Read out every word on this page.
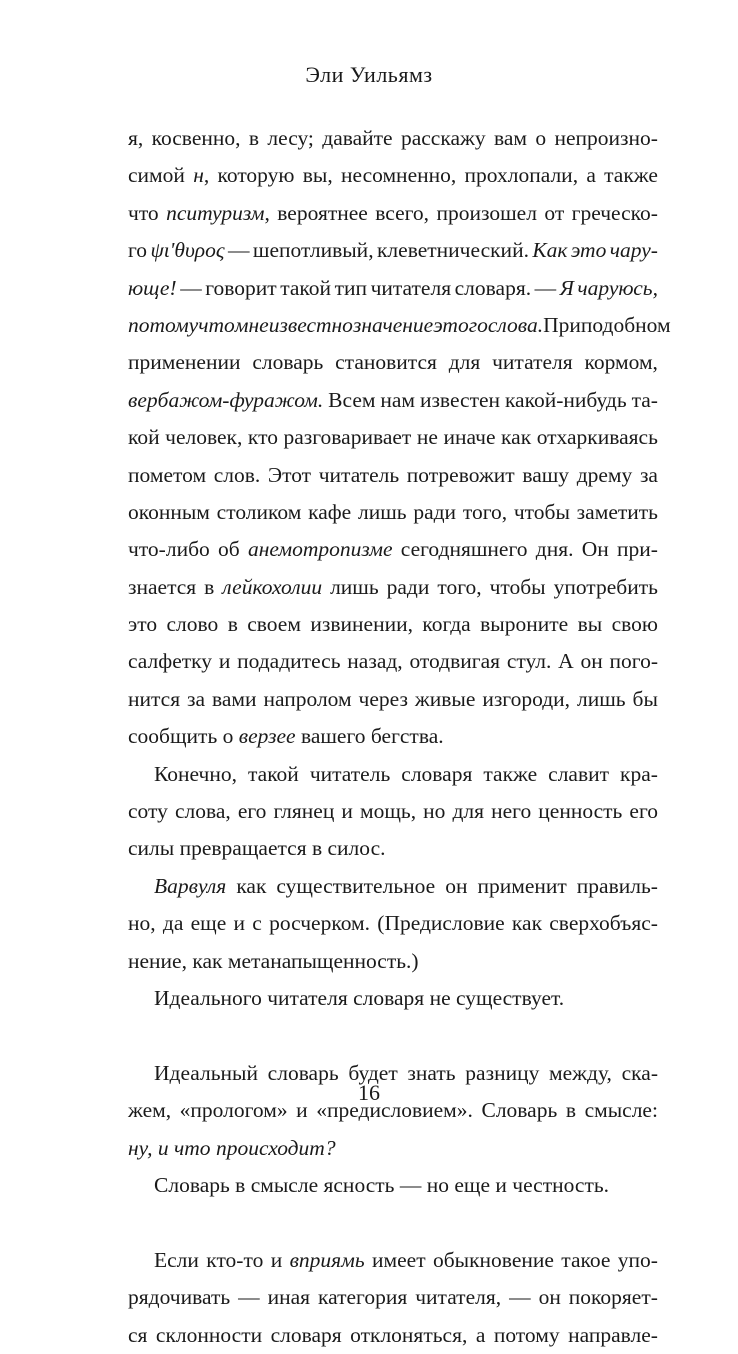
Эли Уильямз
я, косвенно, в лесу; давайте расскажу вам о непроизно-
симой н, которую вы, несомненно, прохлопали, а также
что пситуризм, вероятнее всего, произошел от греческо-
го ψι'θυρος — шепотливый, клеветнический. Как это чару-
юще! — говорит такой тип читателя словаря. — Я чаруюсь,
потому что мне известно значение этого слова. При подобном
применении словарь становится для читателя кормом,
вербажом-фуражом. Всем нам известен какой-нибудь та-
кой человек, кто разговаривает не иначе как отхаркиваясь
пометом слов. Этот читатель потревожит вашу дрему за
оконным столиком кафе лишь ради того, чтобы заметить
что-либо об анемотропизме сегодняшнего дня. Он при-
знается в лейкохолии лишь ради того, чтобы употребить
это слово в своем извинении, когда выроните вы свою
салфетку и подадитесь назад, отодвигая стул. А он пого-
нится за вами напролом через живые изгороди, лишь бы
сообщить о верзее вашего бегства.
Конечно, такой читатель словаря также славит кра-
соту слова, его глянец и мощь, но для него ценность его
силы превращается в силос.
Варвуля как существительное он применит правиль-
но, да еще и с росчерком. (Предисловие как сверхобъяс-
нение, как метанапыщенность.)
Идеального читателя словаря не существует.
Идеальный словарь будет знать разницу между, ска-
жем, «прологом» и «предисловием». Словарь в смысле:
ну, и что происходит?
Словарь в смысле ясность — но еще и честность.
Если кто-то и вприямь имеет обыкновение такое упо-
рядочивать — иная категория читателя, — он покоряет-
ся склонности словаря отклоняться, а потому направле-
16
